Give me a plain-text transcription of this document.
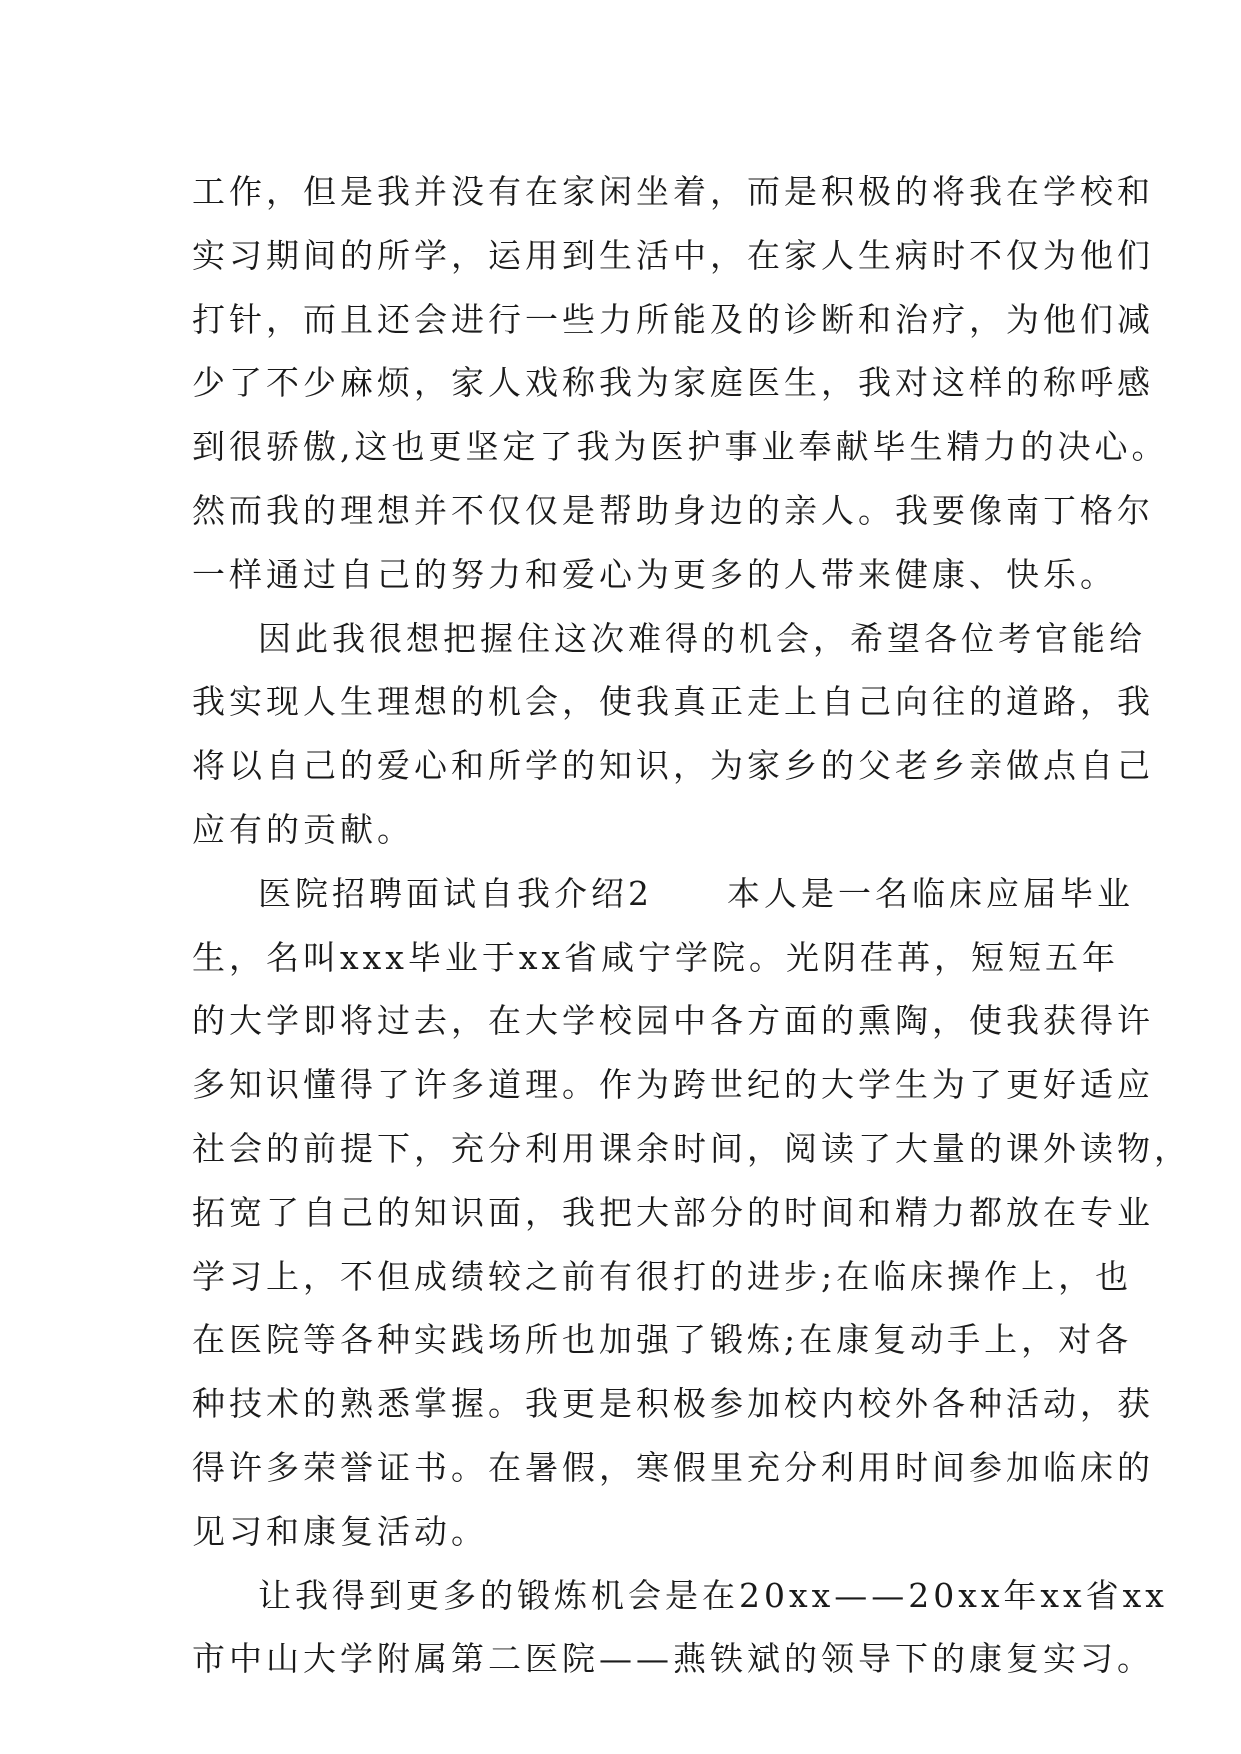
工作，但是我并没有在家闲坐着，而是积极的将我在学校和
实习期间的所学，运用到生活中，在家人生病时不仅为他们
打针，而且还会进行一些力所能及的诊断和治疗，为他们减
少了不少麻烦，家人戏称我为家庭医生，我对这样的称呼感
到很骄傲,这也更坚定了我为医护事业奉献毕生精力的决心。
然而我的理想并不仅仅是帮助身边的亲人。我要像南丁格尔
一样通过自己的努力和爱心为更多的人带来健康、快乐。
因此我很想把握住这次难得的机会，希望各位考官能给
我实现人生理想的机会，使我真正走上自己向往的道路，我
将以自己的爱心和所学的知识，为家乡的父老乡亲做点自己
应有的贡献。
医院招聘面试自我介绍2　　本人是一名临床应届毕业
生，名叫xxx毕业于xx省咸宁学院。光阴荏苒，短短五年
的大学即将过去，在大学校园中各方面的熏陶，使我获得许
多知识懂得了许多道理。作为跨世纪的大学生为了更好适应
社会的前提下，充分利用课余时间，阅读了大量的课外读物，
拓宽了自己的知识面，我把大部分的时间和精力都放在专业
学习上，不但成绩较之前有很打的进步;在临床操作上，也
在医院等各种实践场所也加强了锻炼;在康复动手上，对各
种技术的熟悉掌握。我更是积极参加校内校外各种活动，获
得许多荣誉证书。在暑假，寒假里充分利用时间参加临床的
见习和康复活动。
让我得到更多的锻炼机会是在20xx——20xx年xx省xx
市中山大学附属第二医院——燕铁斌的领导下的康复实习。
